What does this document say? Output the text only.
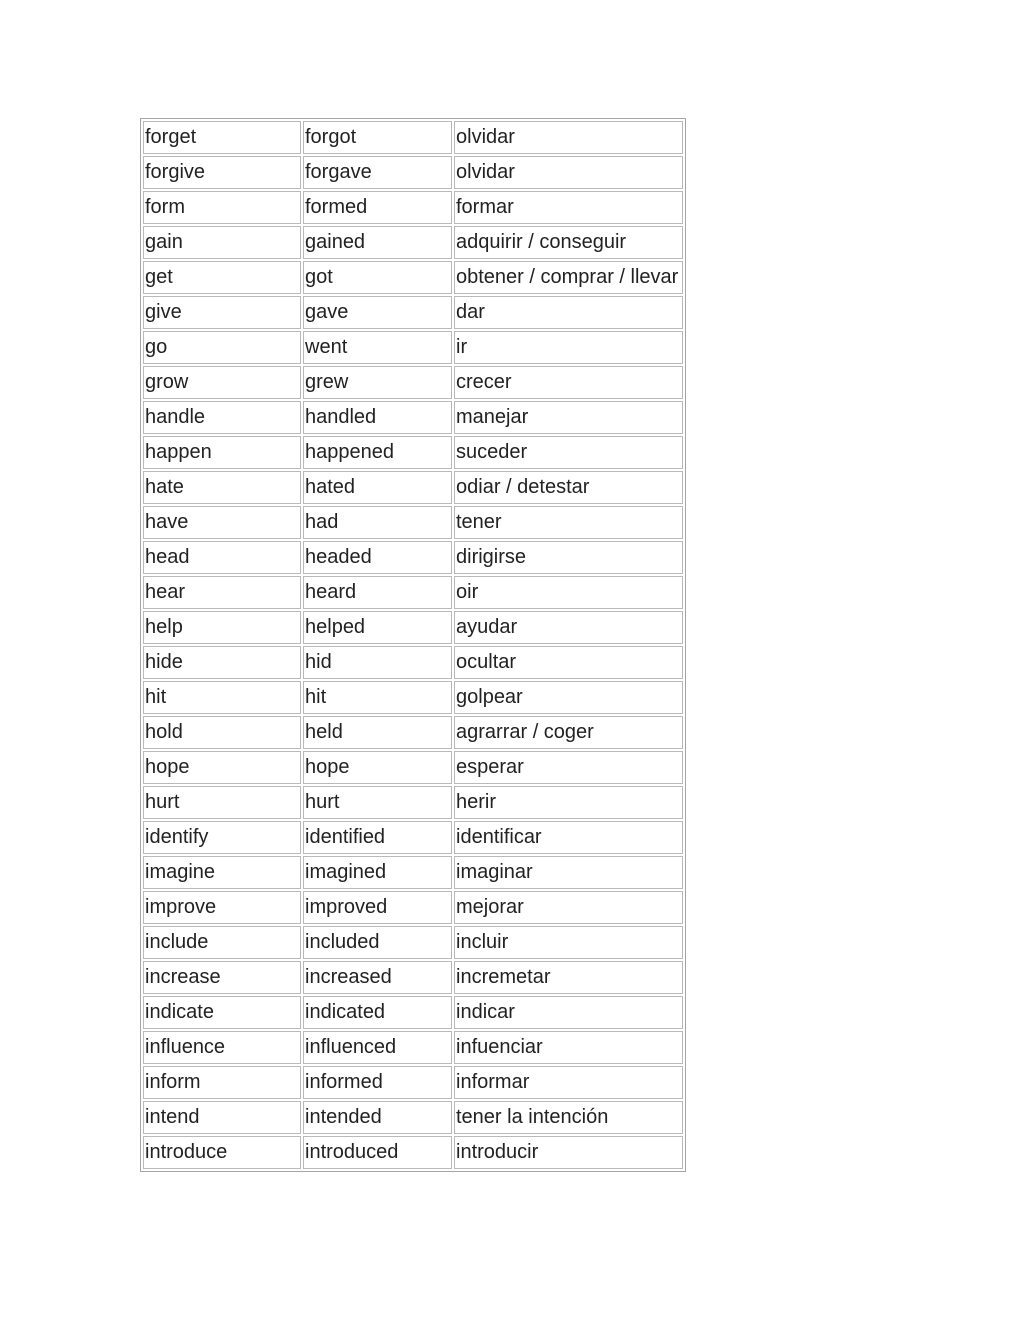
forget	forgot	olvidar
forgive	forgave	olvidar
form	formed	formar
gain	gained	adquirir / conseguir
get	got	obtener / comprar / llevar
give	gave	dar
go	went	ir
grow	grew	crecer
handle	handled	manejar
happen	happened	suceder
hate	hated	odiar / detestar
have	had	tener
head	headed	dirigirse
hear	heard	oir
help	helped	ayudar
hide	hid	ocultar
hit	hit	golpear
hold	held	agrarrar / coger
hope	hope	esperar
hurt	hurt	herir
identify	identified	identificar
imagine	imagined	imaginar
improve	improved	mejorar
include	included	incluir
increase	increased	incremetar
indicate	indicated	indicar
influence	influenced	infuenciar
inform	informed	informar
intend	intended	tener la intención
introduce	introduced	introducir
